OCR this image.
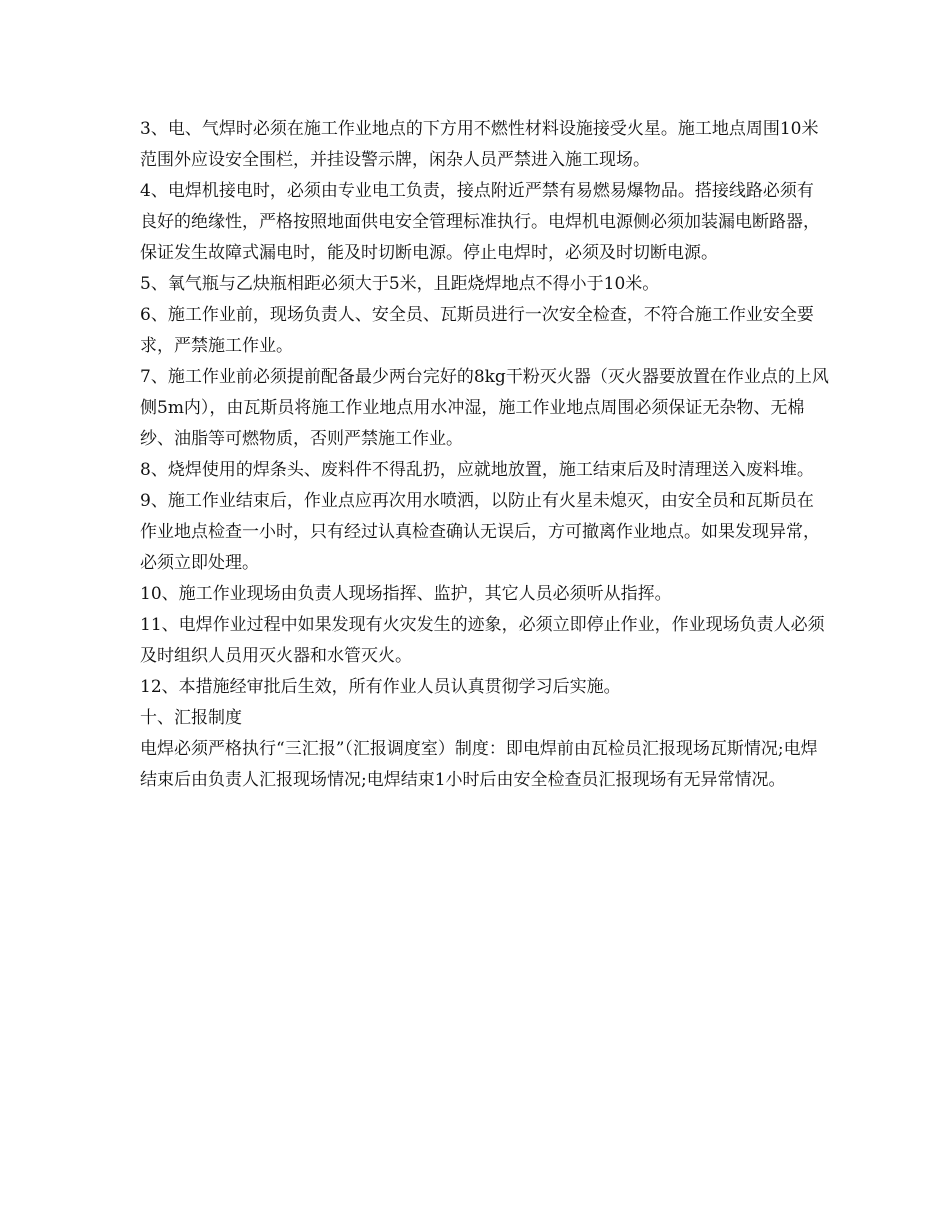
3、电、气焊时必须在施工作业地点的下方用不燃性材料设施接受火星。施工地点周围10米范围外应设安全围栏，并挂设警示牌，闲杂人员严禁进入施工现场。

4、电焊机接电时，必须由专业电工负责，接点附近严禁有易燃易爆物品。搭接线路必须有良好的绝缘性，严格按照地面供电安全管理标准执行。电焊机电源侧必须加装漏电断路器，保证发生故障式漏电时，能及时切断电源。停止电焊时，必须及时切断电源。

5、氧气瓶与乙炔瓶相距必须大于5米，且距烧焊地点不得小于10米。

6、施工作业前，现场负责人、安全员、瓦斯员进行一次安全检查，不符合施工作业安全要求，严禁施工作业。

7、施工作业前必须提前配备最少两台完好的8kg干粉灭火器（灭火器要放置在作业点的上风侧5m内），由瓦斯员将施工作业地点用水冲湿，施工作业地点周围必须保证无杂物、无棉纱、油脂等可燃物质，否则严禁施工作业。

8、烧焊使用的焊条头、废料件不得乱扔，应就地放置，施工结束后及时清理送入废料堆。

9、施工作业结束后，作业点应再次用水喷洒，以防止有火星未熄灭，由安全员和瓦斯员在作业地点检查一小时，只有经过认真检查确认无误后，方可撤离作业地点。如果发现异常，必须立即处理。

10、施工作业现场由负责人现场指挥、监护，其它人员必须听从指挥。

11、电焊作业过程中如果发现有火灾发生的迹象，必须立即停止作业，作业现场负责人必须及时组织人员用灭火器和水管灭火。

12、本措施经审批后生效，所有作业人员认真贯彻学习后实施。

十、汇报制度

电焊必须严格执行“三汇报”（汇报调度室）制度：即电焊前由瓦检员汇报现场瓦斯情况;电焊结束后由负责人汇报现场情况;电焊结束1小时后由安全检查员汇报现场有无异常情况。
